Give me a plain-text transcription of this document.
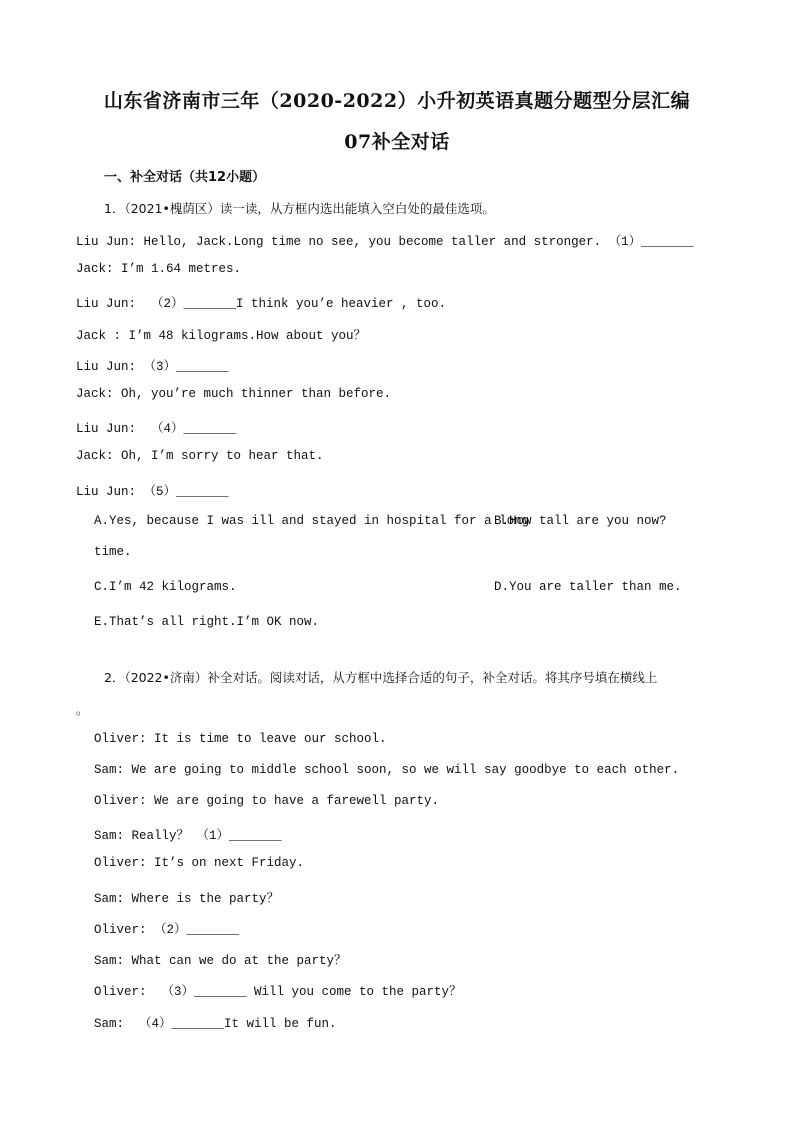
山东省济南市三年（2020-2022）小升初英语真题分题型分层汇编
07补全对话
一、补全对话（共12小题）
1．（2021•槐荫区）读一读，从方框内选出能填入空白处的最佳选项。
Liu Jun: Hello, Jack.Long time no see, you become taller and stronger. （1）_______
Jack: I’m 1.64 metres.
Liu Jun:  （2）_______I think you’e heavier , too.
Jack : I’m 48 kilograms.How about you？
Liu Jun: （3）_______
Jack: Oh, you’re much thinner than before.
Liu Jun:  （4）_______
Jack: Oh, I’m sorry to hear that.
Liu Jun: （5）_______
A.Yes, because I was ill and stayed in hospital for a long
B.How tall are you now?
time.
C.I’m 42 kilograms.	D.You are taller than me.
E.That’s all right.I’m OK now.
2．（2022•济南）补全对话。阅读对话，从方框中选择合适的句子，补全对话。将其序号填在横线上
。
Oliver: It is time to leave our school.
Sam: We are going to middle school soon, so we will say goodbye to each other.
Oliver: We are going to have a farewell party.
Sam: Really？ （1）_______
Oliver: It’s on next Friday.
Sam: Where is the party？
Oliver: （2）_______
Sam: What can we do at the party？
Oliver:  （3）_______ Will you come to the party？
Sam:  （4）_______It will be fun.
